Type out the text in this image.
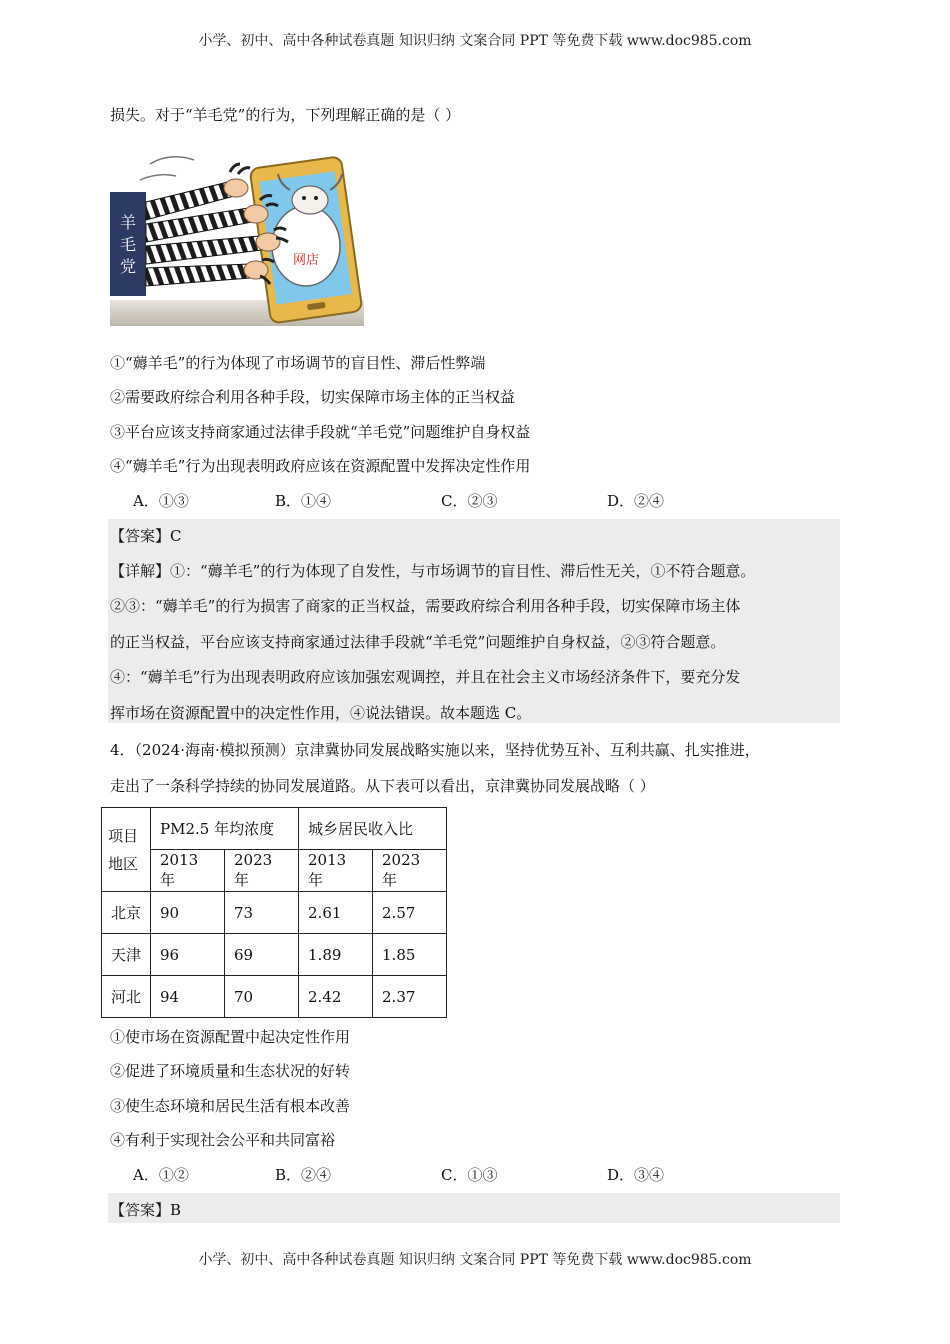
小学、初中、高中各种试卷真题 知识归纳 文案合同 PPT 等免费下载 www.doc985.com
损失。对于“羊毛党”的行为，下列理解正确的是（ ）
网店
羊
毛
党
①“薅羊毛”的行为体现了市场调节的盲目性、滞后性弊端
②需要政府综合利用各种手段，切实保障市场主体的正当权益
③平台应该支持商家通过法律手段就“羊毛党”问题维护自身权益
④“薅羊毛”行为出现表明政府应该在资源配置中发挥决定性作用
A．①③	B．①④	C．②③	D．②④
【答案】C
【详解】①：“薅羊毛”的行为体现了自发性，与市场调节的盲目性、滞后性无关，①不符合题意。
②③：“薅羊毛”的行为损害了商家的正当权益，需要政府综合利用各种手段，切实保障市场主体
的正当权益，平台应该支持商家通过法律手段就“羊毛党”问题维护自身权益，②③符合题意。
④：“薅羊毛”行为出现表明政府应该加强宏观调控，并且在社会主义市场经济条件下，要充分发
挥市场在资源配置中的决定性作用，④说法错误。故本题选 C。
4．（2024·海南·模拟预测）京津冀协同发展战略实施以来，坚持优势互补、互利共赢、扎实推进，
走出了一条科学持续的协同发展道路。从下表可以看出，京津冀协同发展战略（ ）
项目
地区	PM2.5 年均浓度		城乡居民收入比	
	2013 年	2023 年	2013 年	2023 年
北京	90	73	2.61	2.57
天津	96	69	1.89	1.85
河北	94	70	2.42	2.37
①使市场在资源配置中起决定性作用
②促进了环境质量和生态状况的好转
③使生态环境和居民生活有根本改善
④有利于实现社会公平和共同富裕
A．①②	B．②④	C．①③	D．③④
【答案】B
小学、初中、高中各种试卷真题 知识归纳 文案合同 PPT 等免费下载 www.doc985.com
